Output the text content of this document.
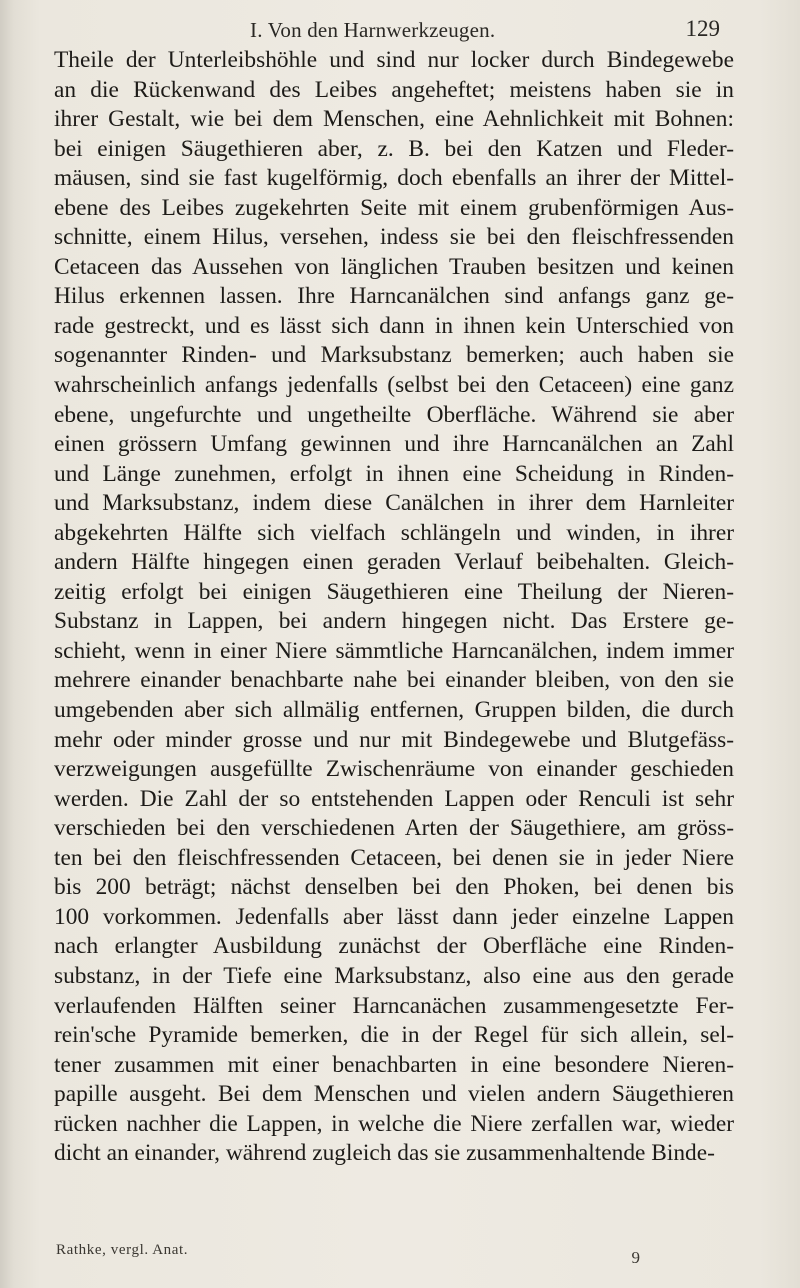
I. Von den Harnwerkzeugen.	129
Theile der Unterleibshöhle und sind nur locker durch Bindegewebe
an die Rückenwand des Leibes angeheftet; meistens haben sie in
ihrer Gestalt, wie bei dem Menschen, eine Aehnlichkeit mit Bohnen:
bei einigen Säugethieren aber, z. B. bei den Katzen und Fleder-
mäusen, sind sie fast kugelförmig, doch ebenfalls an ihrer der Mittel-
ebene des Leibes zugekehrten Seite mit einem grubenförmigen Aus-
schnitte, einem Hilus, versehen, indess sie bei den fleischfressenden
Cetaceen das Aussehen von länglichen Trauben besitzen und keinen
Hilus erkennen lassen. Ihre Harncanälchen sind anfangs ganz ge-
rade gestreckt, und es lässt sich dann in ihnen kein Unterschied von
sogenannter Rinden- und Marksubstanz bemerken; auch haben sie
wahrscheinlich anfangs jedenfalls (selbst bei den Cetaceen) eine ganz
ebene, ungefurchte und ungetheilte Oberfläche. Während sie aber
einen grössern Umfang gewinnen und ihre Harncanälchen an Zahl
und Länge zunehmen, erfolgt in ihnen eine Scheidung in Rinden-
und Marksubstanz, indem diese Canälchen in ihrer dem Harnleiter
abgekehrten Hälfte sich vielfach schlängeln und winden, in ihrer
andern Hälfte hingegen einen geraden Verlauf beibehalten. Gleich-
zeitig erfolgt bei einigen Säugethieren eine Theilung der Nieren-
Substanz in Lappen, bei andern hingegen nicht. Das Erstere ge-
schieht, wenn in einer Niere sämmtliche Harncanälchen, indem immer
mehrere einander benachbarte nahe bei einander bleiben, von den sie
umgebenden aber sich allmälig entfernen, Gruppen bilden, die durch
mehr oder minder grosse und nur mit Bindegewebe und Blutgefäss-
verzweigungen ausgefüllte Zwischenräume von einander geschieden
werden. Die Zahl der so entstehenden Lappen oder Renculi ist sehr
verschieden bei den verschiedenen Arten der Säugethiere, am gröss-
ten bei den fleischfressenden Cetaceen, bei denen sie in jeder Niere
bis 200 beträgt; nächst denselben bei den Phoken, bei denen bis
100 vorkommen. Jedenfalls aber lässt dann jeder einzelne Lappen
nach erlangter Ausbildung zunächst der Oberfläche eine Rinden-
substanz, in der Tiefe eine Marksubstanz, also eine aus den gerade
verlaufenden Hälften seiner Harncanächen zusammengesetzte Fer-
rein'sche Pyramide bemerken, die in der Regel für sich allein, sel-
tener zusammen mit einer benachbarten in eine besondere Nieren-
papille ausgeht. Bei dem Menschen und vielen andern Säugethieren
rücken nachher die Lappen, in welche die Niere zerfallen war, wieder
dicht an einander, während zugleich das sie zusammenhaltende Binde-
Rathke, vergl. Anat.	9
